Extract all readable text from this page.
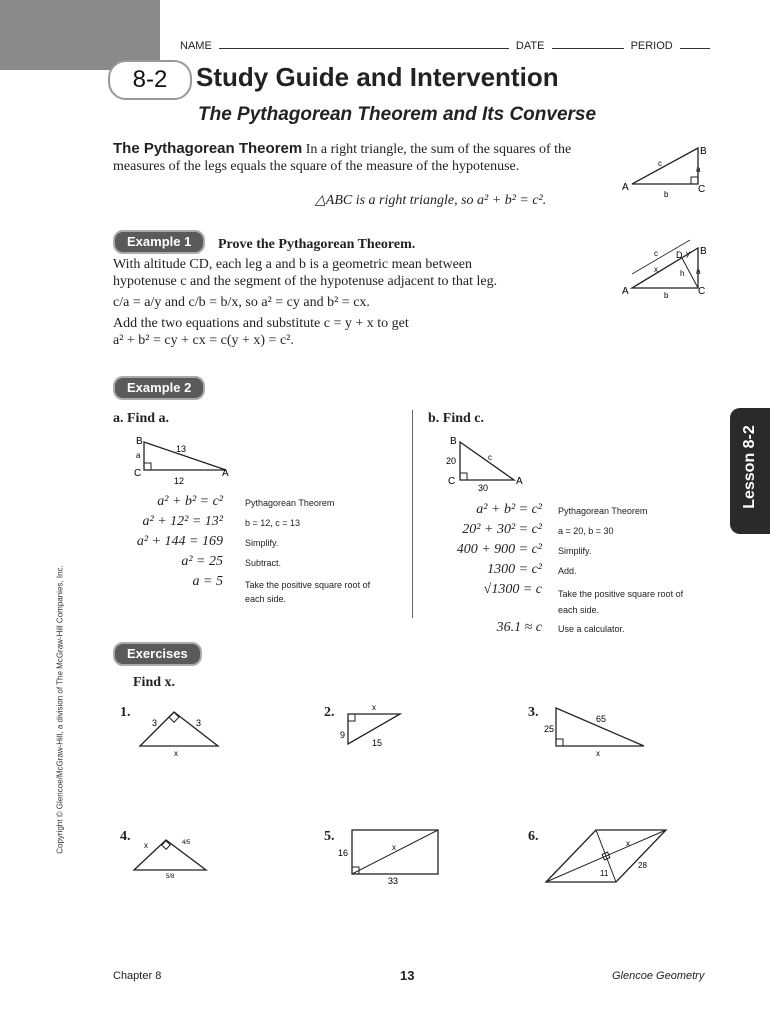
NAME	DATE	PERIOD
8-2	Study Guide and Intervention
The Pythagorean Theorem and Its Converse
The Pythagorean Theorem In a right triangle, the sum of the squares of the measures of the legs equals the square of the measure of the hypotenuse.
△ABC is a right triangle, so a² + b² = c².
B
c
a
A
b	C
Example 1	Prove the Pythagorean Theorem.
With altitude CD, each leg a and b is a geometric mean between
hypotenuse c and the segment of the hypotenuse adjacent to that leg.
c/a = a/y and c/b = b/x, so a² = cy and b² = cx.
Add the two equations and substitute c = y + x to get
a² + b² = cy + cx = c(y + x) = c².
c D y B
x	h a
A	b	C
Example 2
a. Find a.	b. Find c.
B
a
13
C	A
12
B
20	c
C	A
30
a² + b² = c² Pythagorean Theorem
a² + 12² = 13² b = 12, c = 13
a² + 144 = 169 Simplify.
a² = 25 Subtract.
a = 5 Take the positive square root of each side.
a² + b² = c² Pythagorean Theorem
20² + 30² = c² a = 20, b = 30
400 + 900 = c² Simplify.
1300 = c² Add.
√1300 = c Take the positive square root of each side.
36.1 ≈ c Use a calculator.
Exercises
Find x.
1.
3	3
x
2.	x
9
15
3.	65
25
x
4.
x	4/5
5/8
5.
16
x
33
6.	x
11
28
Lesson 8-2
Copyright © Glencoe/McGraw-Hill, a division of The McGraw-Hill Companies, Inc.
Chapter 8	13	Glencoe Geometry
